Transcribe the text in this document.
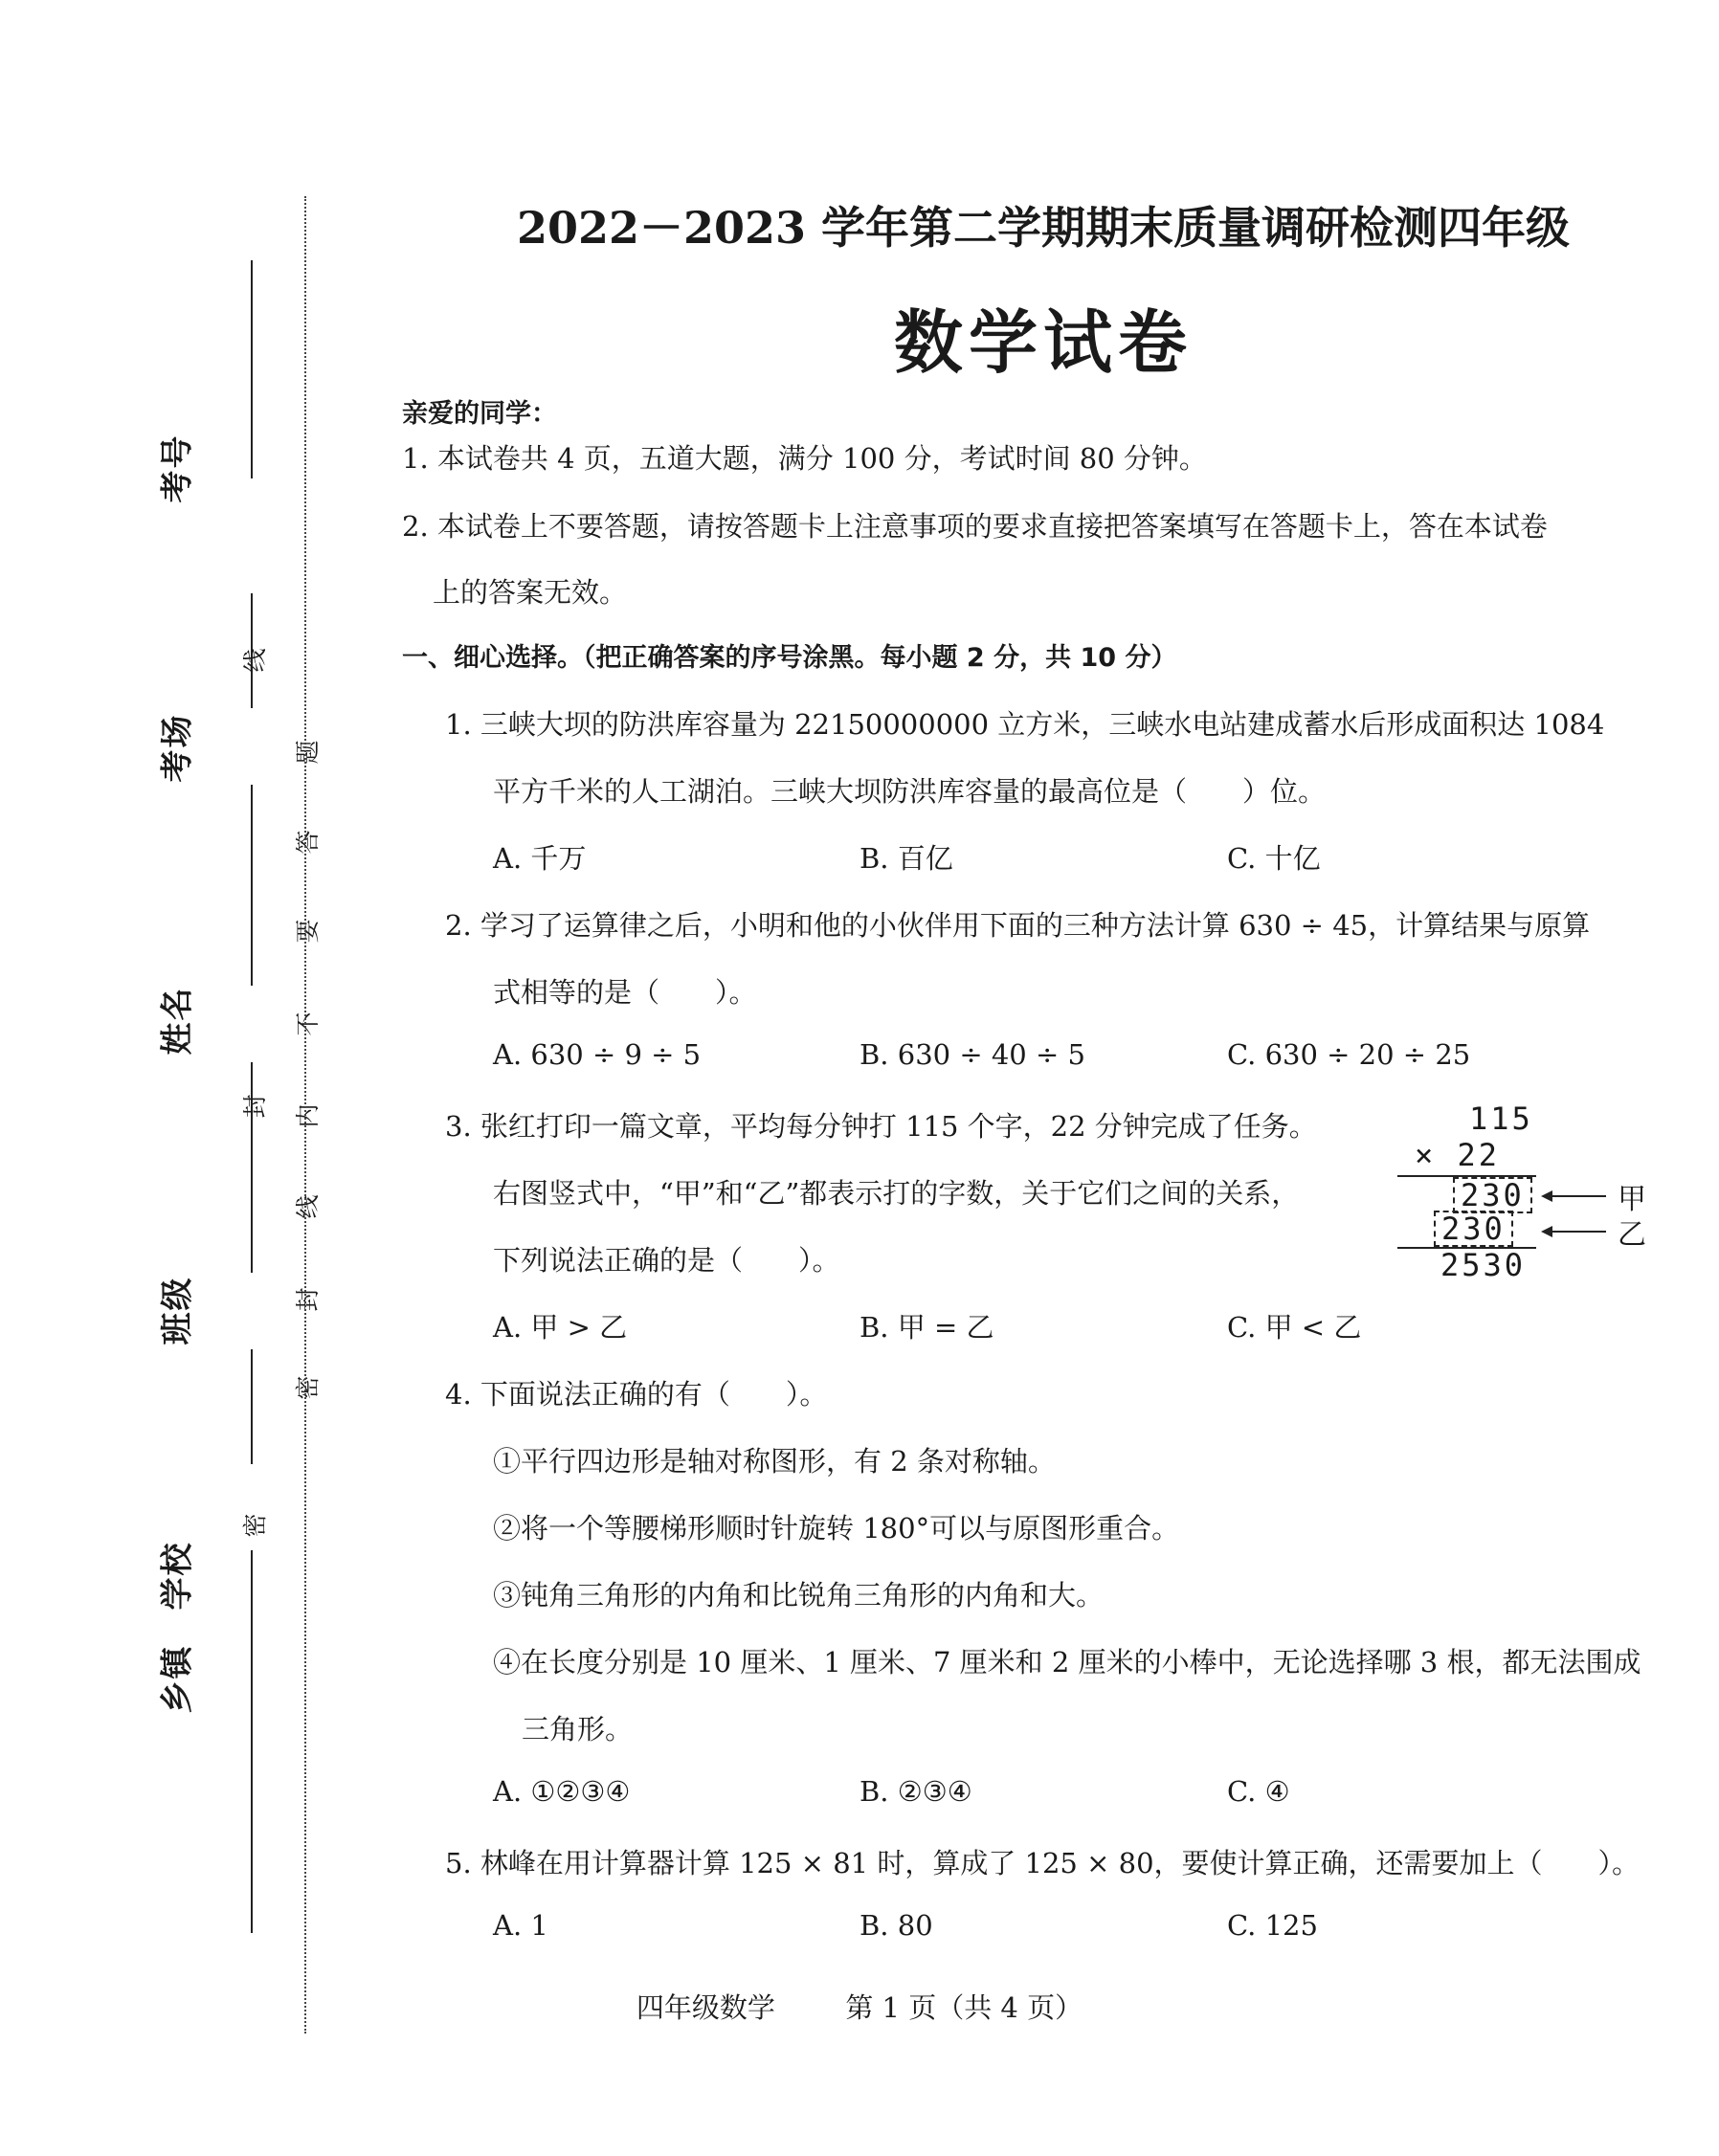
考号
考场
姓名
班级
学校
乡镇
线
题
答
要
不
内
封
线
封
密
密
2022－2023 学年第二学期期末质量调研检测四年级
数学试卷
亲爱的同学：
1. 本试卷共 4 页，五道大题，满分 100 分，考试时间 80 分钟。
2. 本试卷上不要答题，请按答题卡上注意事项的要求直接把答案填写在答题卡上，答在本试卷
上的答案无效。
一、细心选择。（把正确答案的序号涂黑。每小题 2 分，共 10 分）
1. 三峡大坝的防洪库容量为 22150000000 立方米，三峡水电站建成蓄水后形成面积达 1084
平方千米的人工湖泊。三峡大坝防洪库容量的最高位是（　　）位。
A. 千万	B. 百亿	C. 十亿
2. 学习了运算律之后，小明和他的小伙伴用下面的三种方法计算 630 ÷ 45，计算结果与原算
式相等的是（　　）。
A. 630 ÷ 9 ÷ 5	B. 630 ÷ 40 ÷ 5	C. 630 ÷ 20 ÷ 25
3. 张红打印一篇文章，平均每分钟打 115 个字，22 分钟完成了任务。
右图竖式中，“甲”和“乙”都表示打的字数，关于它们之间的关系，
下列说法正确的是（　　）。
115
× 22
230
230
2530
甲
乙
A. 甲 > 乙	B. 甲 = 乙	C. 甲 < 乙
4. 下面说法正确的有（　　）。
①平行四边形是轴对称图形，有 2 条对称轴。
②将一个等腰梯形顺时针旋转 180°可以与原图形重合。
③钝角三角形的内角和比锐角三角形的内角和大。
④在长度分别是 10 厘米、1 厘米、7 厘米和 2 厘米的小棒中，无论选择哪 3 根，都无法围成
三角形。
A. ①②③④	B. ②③④	C. ④
5. 林峰在用计算器计算 125 × 81 时，算成了 125 × 80，要使计算正确，还需要加上（　　）。
A. 1	B. 80	C. 125
四年级数学	第 1 页（共 4 页）
